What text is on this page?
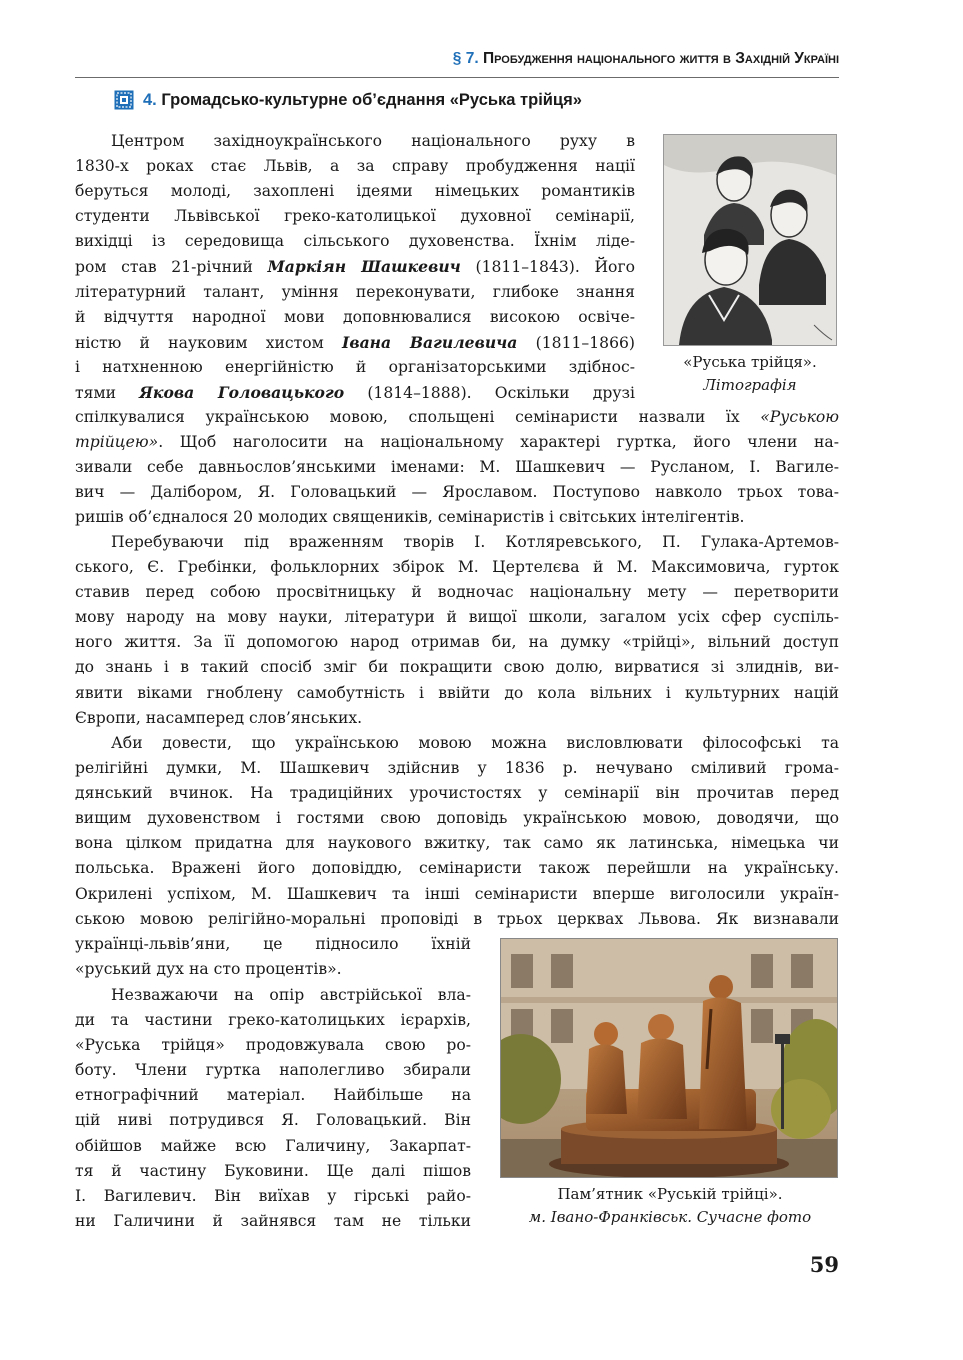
§ 7. Пробудження національного життя в Західній Україні
4. Громадсько-культурне об’єднання «Руська трійця»
Центром західноукраїнського національного руху в
1830-х роках стає Львів, а за справу пробудження нації
беруться молоді, захоплені ідеями німецьких романтиків
студенти Львівської греко-католицької духовної семінарії,
вихідці із середовища сільського духовенства. Їхнім ліде-
ром став 21-річний Маркіян Шашкевич (1811–1843). Його
літературний талант, уміння переконувати, глибоке знання
й відчуття народної мови доповнювалися високою освіче-
ністю й науковим хистом Івана Вагилевича (1811–1866)
і натхненною енергійністю й організаторськими здібнос-
тями Якова Головацького (1814–1888). Оскільки друзі
«Руська трійця».
Літографія
спілкувалися українською мовою, спольщені семінаристи назвали їх «Руською
трійцею». Щоб наголосити на національному характері гуртка, його члени на-
зивали себе давньослов’янськими іменами: М. Шашкевич — Русланом, І. Вагиле-
вич — Далібором, Я. Головацький — Ярославом. Поступово навколо трьох това-
ришів об’єдналося 20 молодих священиків, семінаристів і світських інтелігентів.
Перебуваючи під враженням творів І. Котляревського, П. Гулака-Артемов-
ського, Є. Гребінки, фольклорних збірок М. Цертелєва й М. Максимовича, гурток
ставив перед собою просвітницьку й водночас національну мету — перетворити
мову народу на мову науки, літератури й вищої школи, загалом усіх сфер суспіль-
ного життя. За її допомогою народ отримав би, на думку «трійці», вільний доступ
до знань і в такий спосіб зміг би покращити свою долю, вирватися зі злиднів, ви-
явити віками гноблену самобутність і ввійти до кола вільних і культурних націй
Європи, насамперед слов’янських.
Аби довести, що українською мовою можна висловлювати філософські та
релігійні думки, М. Шашкевич здійснив у 1836 р. нечувано сміливий грома-
дянський вчинок. На традиційних урочистостях у семінарії він прочитав перед
вищим духовенством і гостями свою доповідь українською мовою, доводячи, що
вона цілком придатна для наукового вжитку, так само як латинська, німецька чи
польська. Вражені його доповіддю, семінаристи також перейшли на українську.
Окрилені успіхом, М. Шашкевич та інші семінаристи вперше виголосили україн-
ською мовою релігійно-моральні проповіді в трьох церквах Львова. Як визнавали
українці-львів’яни, це підносило їхній
«руський дух на сто процентів».
Незважаючи на опір австрійської вла-
ди та частини греко-католицьких ієрархів,
«Руська трійця» продовжувала свою ро-
боту. Члени гуртка наполегливо збирали
етнографічний матеріал. Найбільше на
цій ниві потрудився Я. Головацький. Він
обійшов майже всю Галичину, Закарпат-
тя й частину Буковини. Ще далі пішов
І. Вагилевич. Він виїхав у гірські райо-
ни Галичини й зайнявся там не тільки
Пам’ятник «Руській трійці».
м. Івано-Франківськ. Сучасне фото
59
